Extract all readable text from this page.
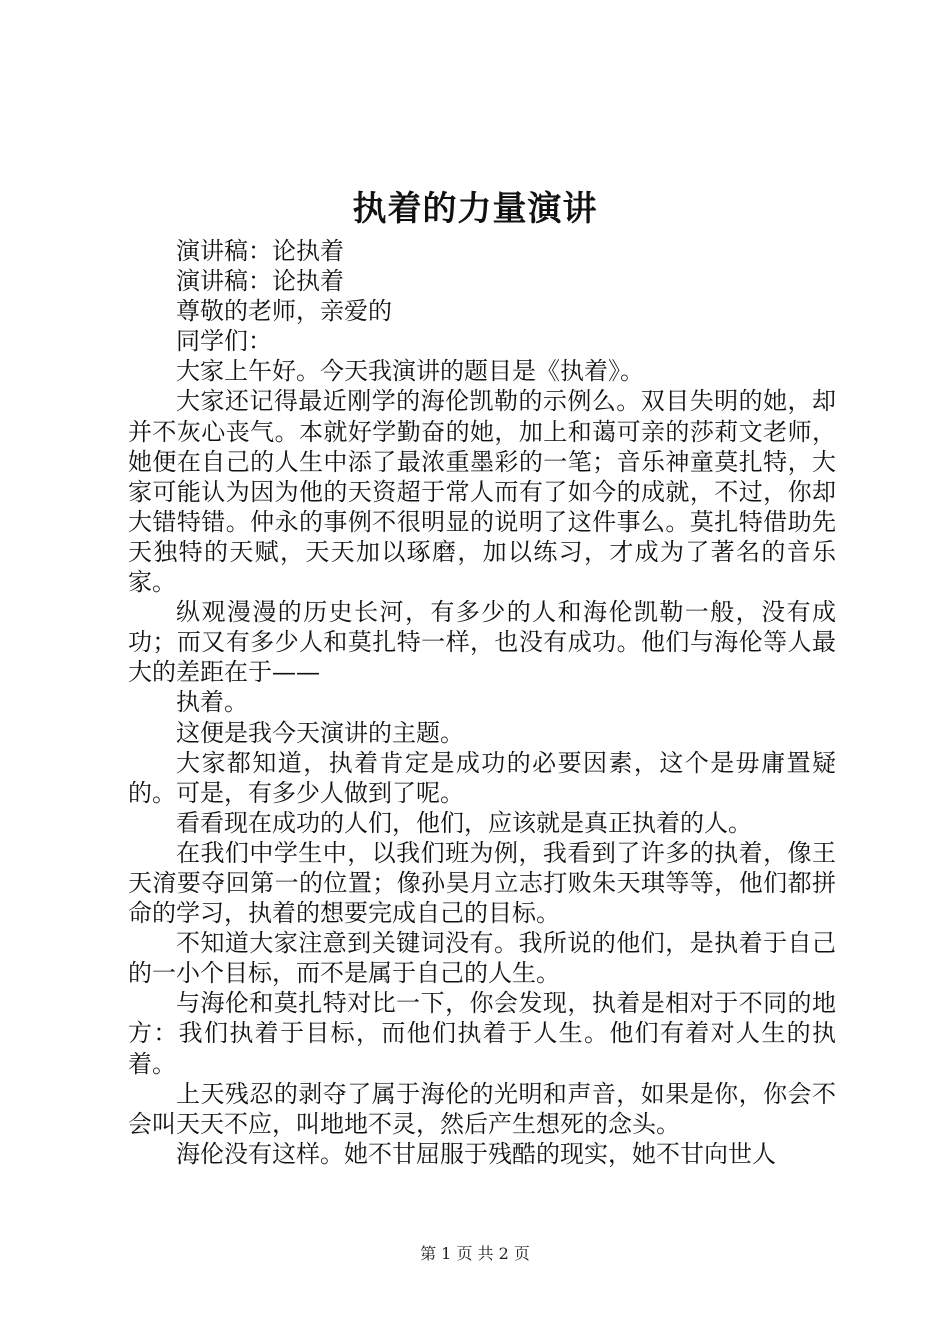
执着的力量演讲

演讲稿：论执着

演讲稿：论执着

尊敬的老师，亲爱的

同学们：

大家上午好。今天我演讲的题目是《执着》。

大家还记得最近刚学的海伦凯勒的示例么。双目失明的她，却并不灰心丧气。本就好学勤奋的她，加上和蔼可亲的莎莉文老师，她便在自己的人生中添了最浓重墨彩的一笔；音乐神童莫扎特，大家可能认为因为他的天资超于常人而有了如今的成就，不过，你却大错特错。仲永的事例不很明显的说明了这件事么。莫扎特借助先天独特的天赋，天天加以琢磨，加以练习，才成为了著名的音乐家。

纵观漫漫的历史长河，有多少的人和海伦凯勒一般，没有成功；而又有多少人和莫扎特一样，也没有成功。他们与海伦等人最大的差距在于——

执着。

这便是我今天演讲的主题。

大家都知道，执着肯定是成功的必要因素，这个是毋庸置疑的。可是，有多少人做到了呢。

看看现在成功的人们，他们，应该就是真正执着的人。

在我们中学生中，以我们班为例，我看到了许多的执着，像王天淯要夺回第一的位置；像孙昊月立志打败朱天琪等等，他们都拼命的学习，执着的想要完成自己的目标。

不知道大家注意到关键词没有。我所说的他们，是执着于自己的一小个目标，而不是属于自己的人生。

与海伦和莫扎特对比一下，你会发现，执着是相对于不同的地方：我们执着于目标，而他们执着于人生。他们有着对人生的执着。

上天残忍的剥夺了属于海伦的光明和声音，如果是你，你会不会叫天天不应，叫地地不灵，然后产生想死的念头。

海伦没有这样。她不甘屈服于残酷的现实，她不甘向世人

第 1 页 共 2 页
